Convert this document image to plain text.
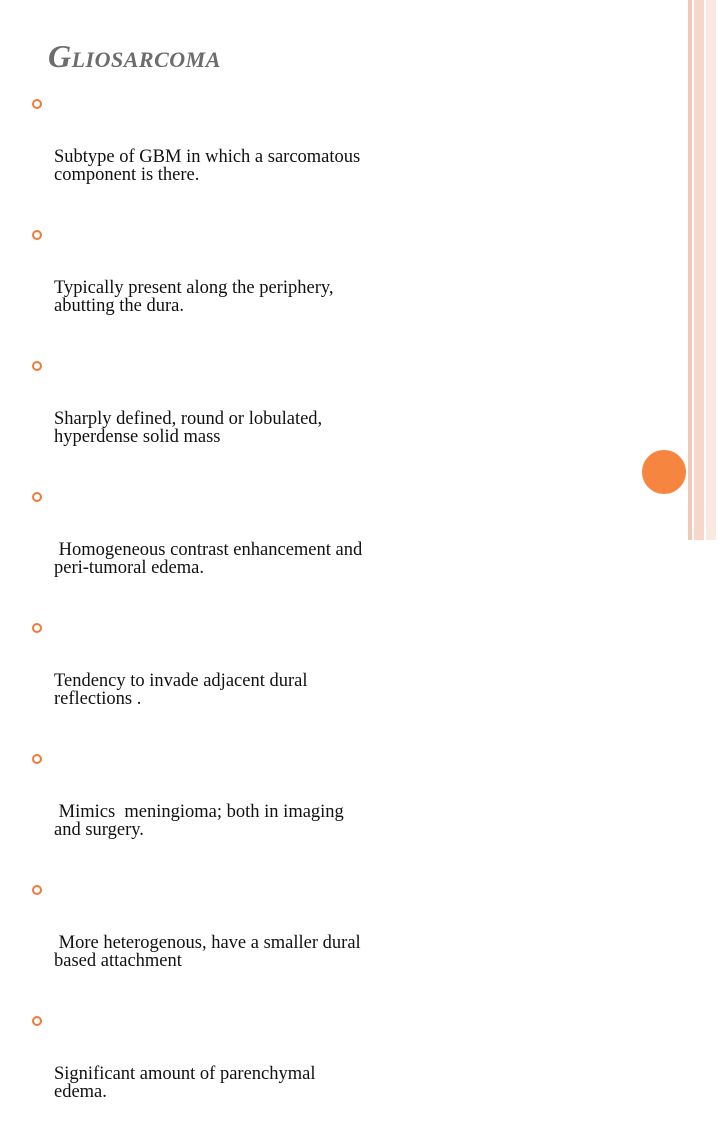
GLIOSARCOMA

Subtype of GBM in which a sarcomatous component is there.

Typically present along the periphery, abutting the dura.

Sharply defined, round or lobulated, hyperdense solid mass

Homogeneous contrast enhancement and peri-tumoral edema.

Tendency to invade adjacent dural reflections .

Mimics  meningioma; both in imaging and surgery.

More heterogenous, have a smaller dural based attachment

Significant amount of parenchymal edema.
